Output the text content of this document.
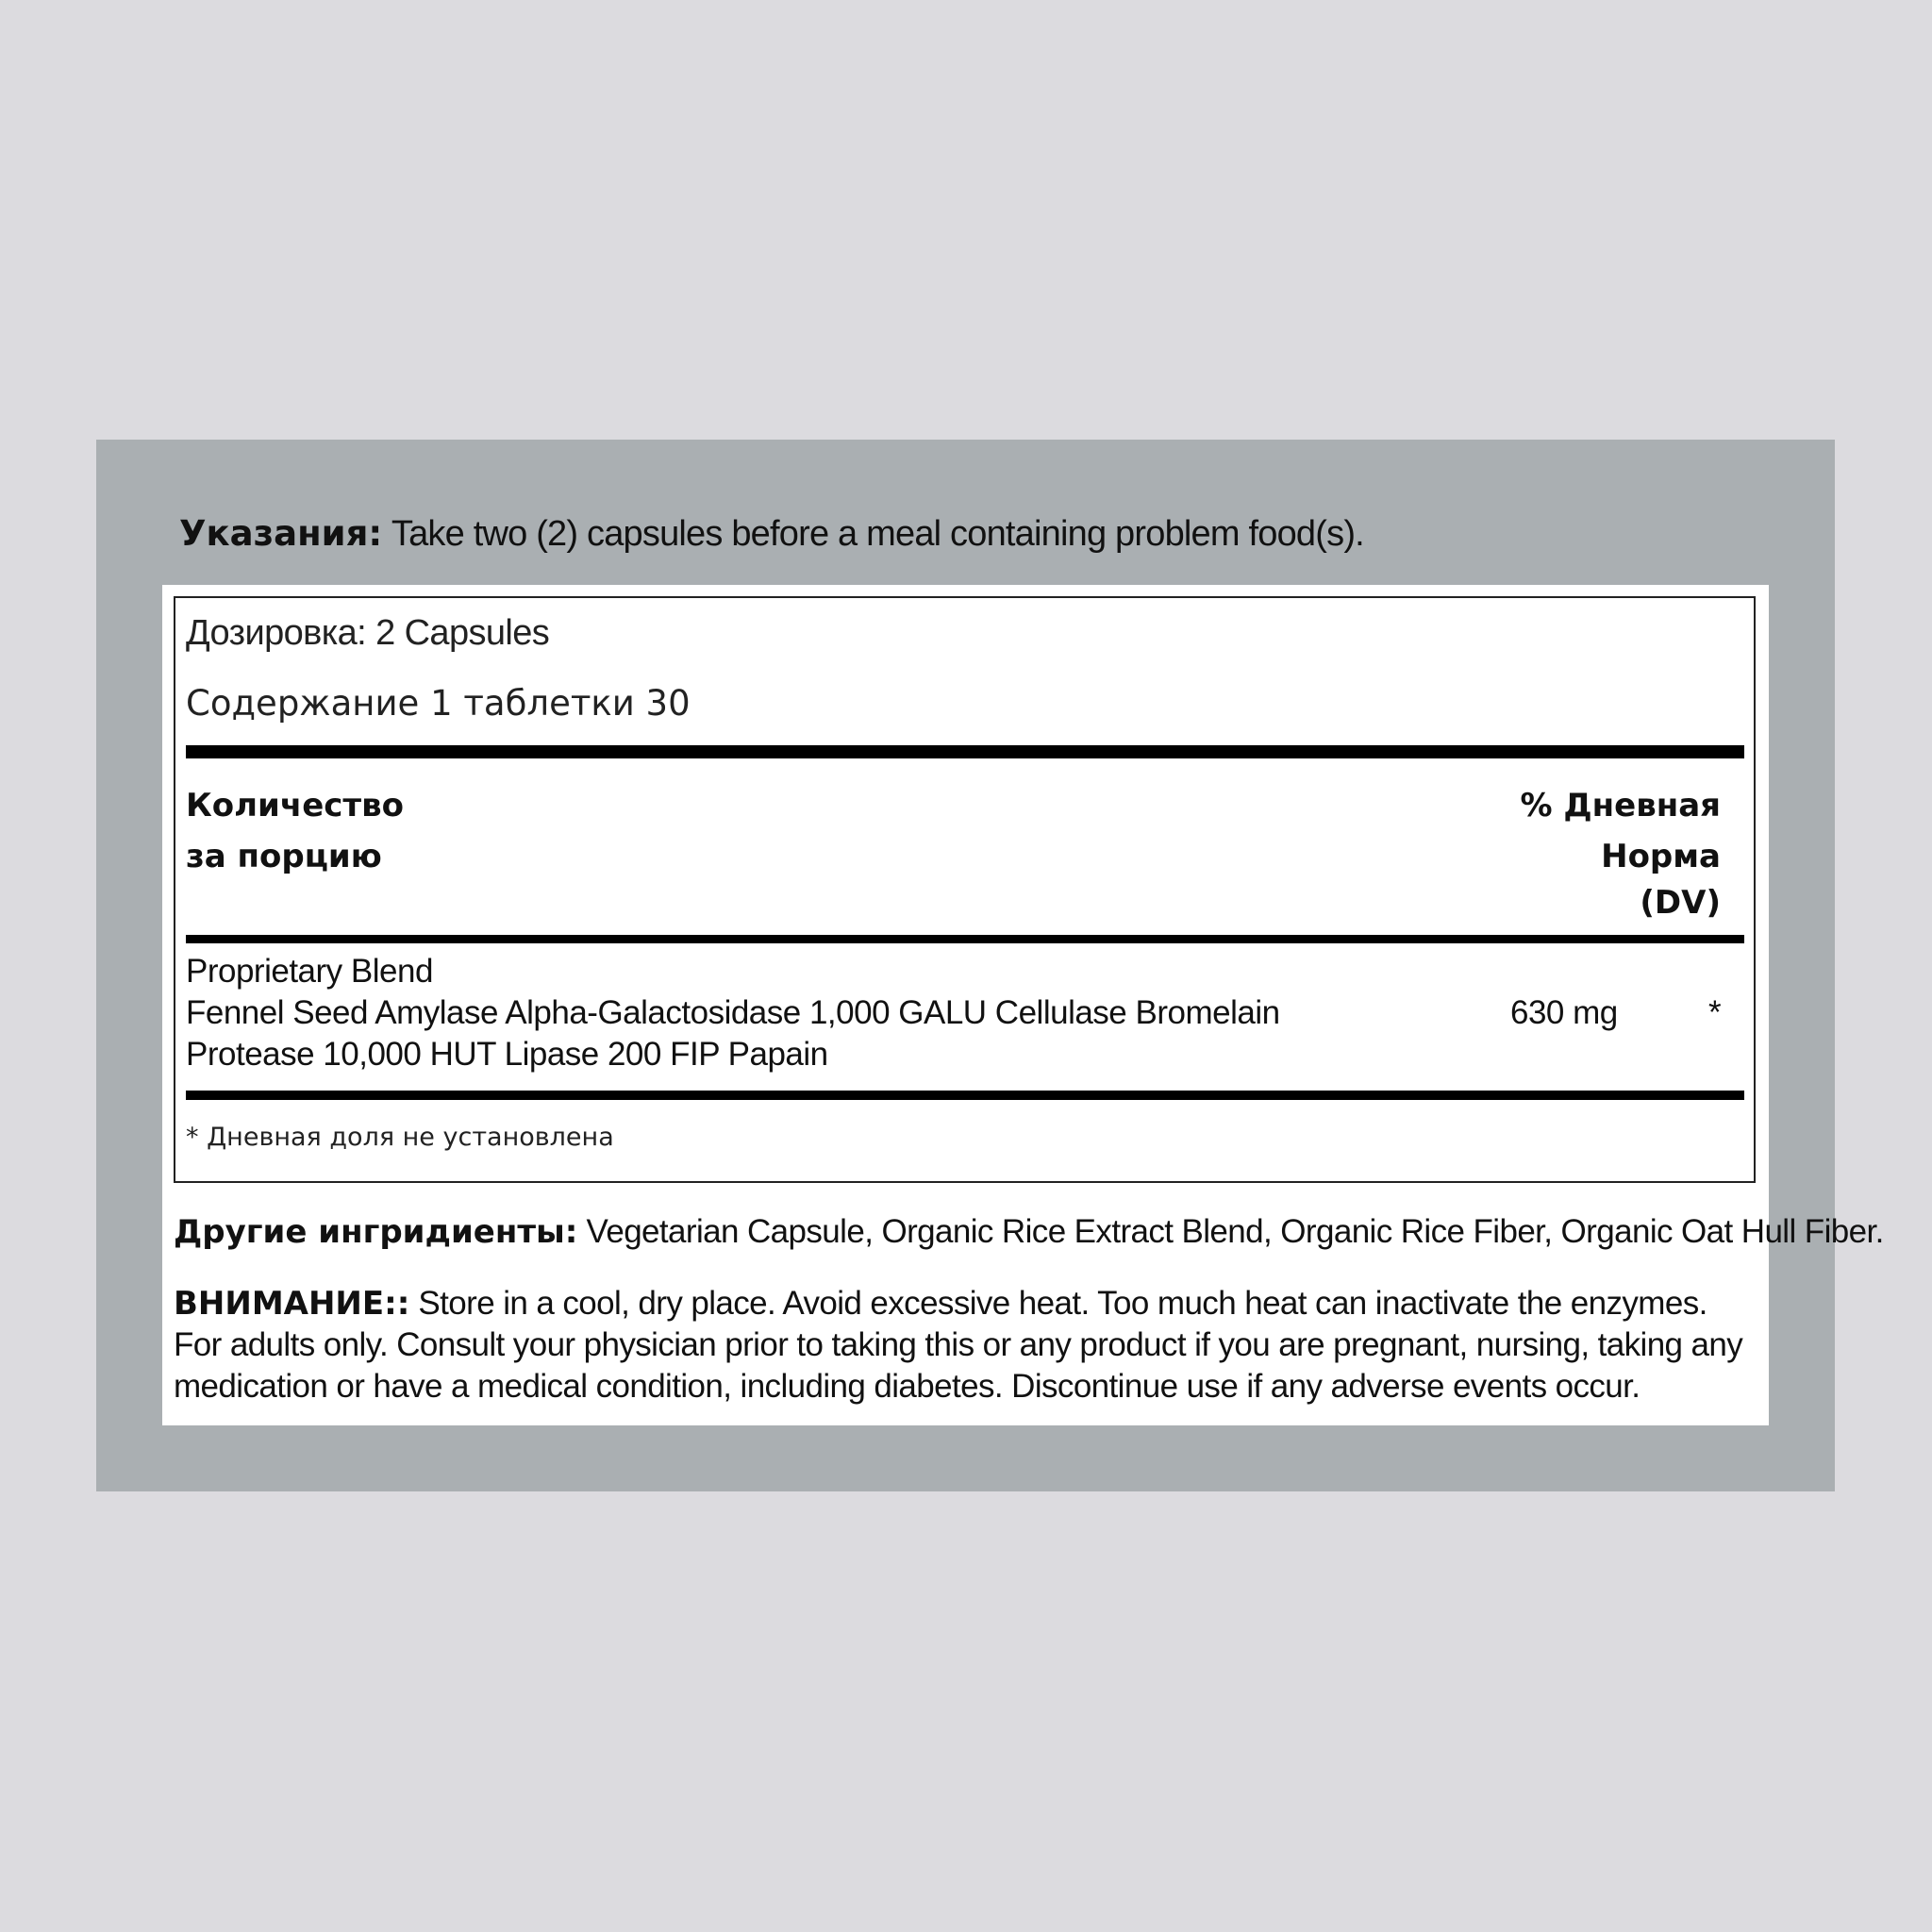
Указания: Take two (2) capsules before a meal containing problem food(s).
Дозировка: 2 Capsules
Содержание 1 таблетки 30
Количество
за порцию
% Дневная
Норма
(DV)
Proprietary Blend
Fennel Seed Amylase Alpha-Galactosidase 1,000 GALU Cellulase Bromelain
Protease 10,000 HUT Lipase 200 FIP Papain
630 mg	*
* Дневная доля не установлена
Другие ингридиенты: Vegetarian Capsule, Organic Rice Extract Blend, Organic Rice Fiber, Organic Oat Hull Fiber.
ВНИМАНИЕ:: Store in a cool, dry place. Avoid excessive heat. Too much heat can inactivate the enzymes. For adults only. Consult your physician prior to taking this or any product if you are pregnant, nursing, taking any medication or have a medical condition, including diabetes. Discontinue use if any adverse events occur.
